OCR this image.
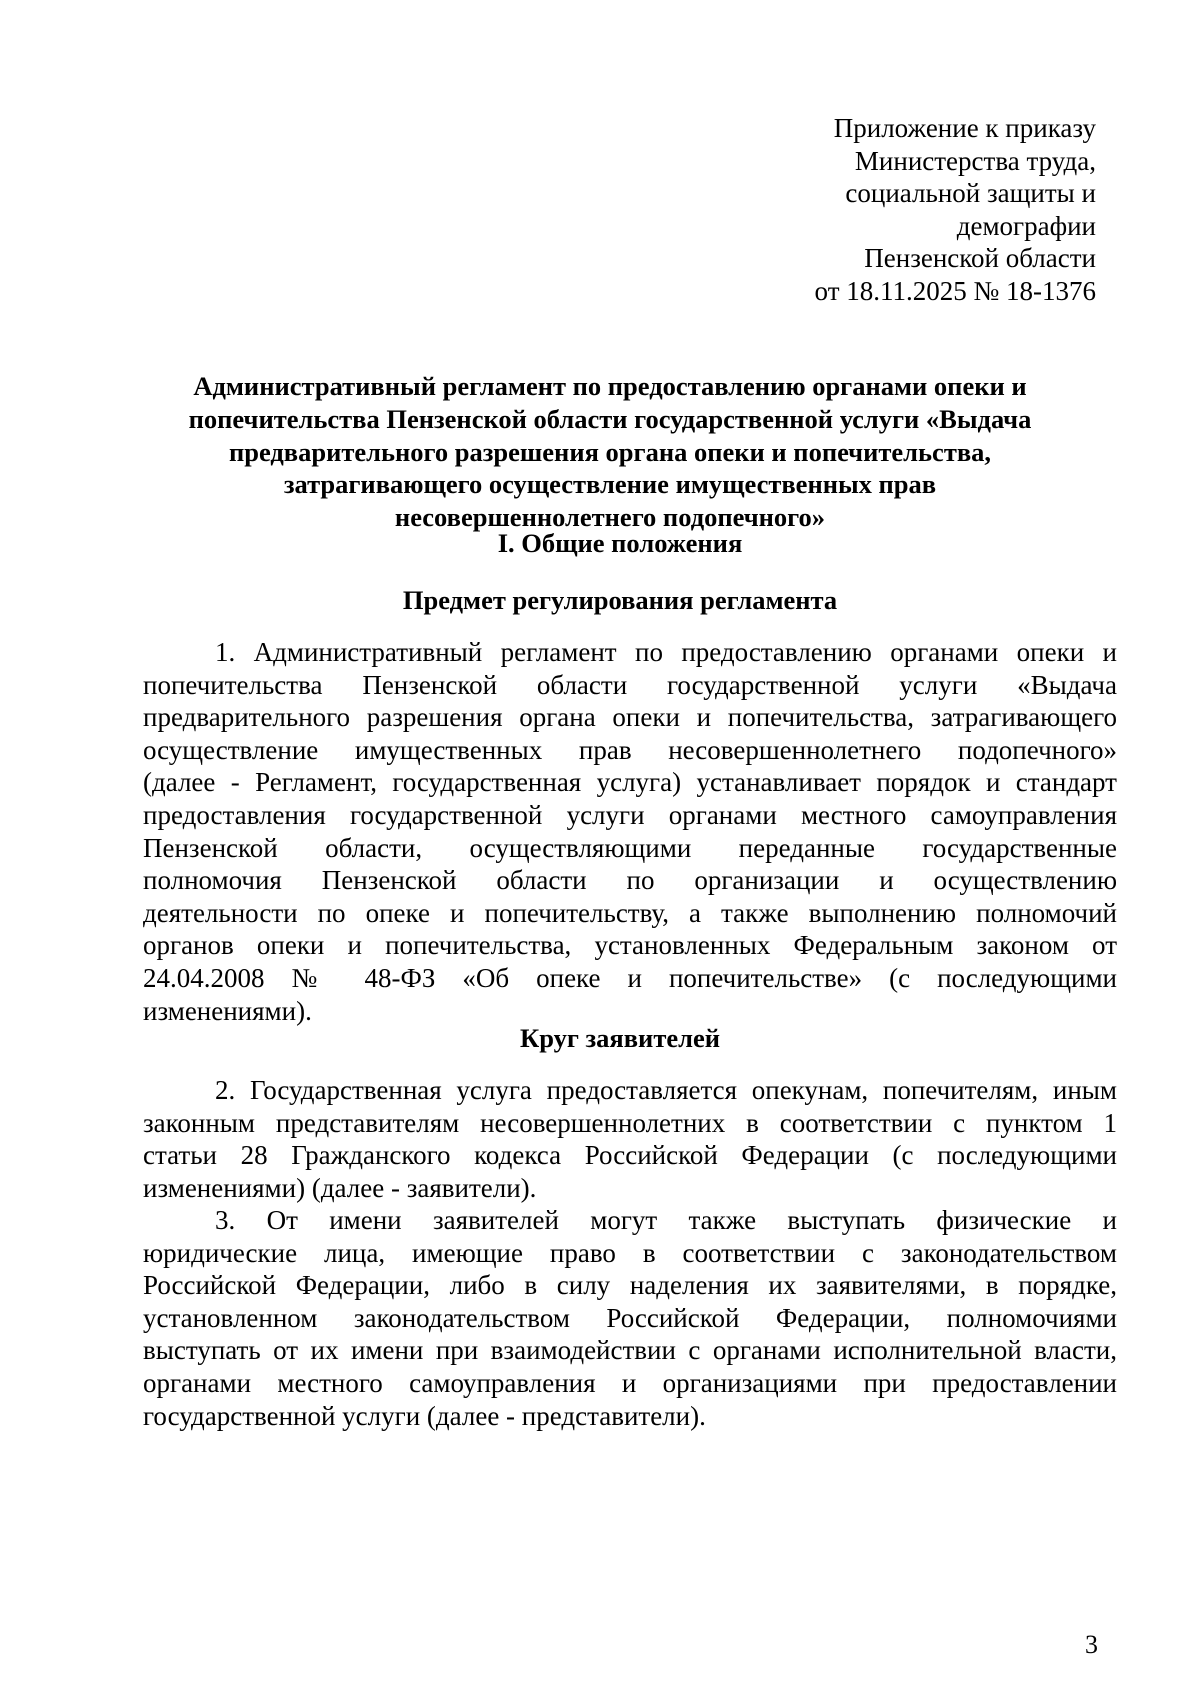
Приложение к приказу
Министерства труда,
социальной защиты и
демографии
Пензенской области
от 18.11.2025 № 18-1376
Административный регламент по предоставлению органами опеки и
попечительства Пензенской области государственной услуги «Выдача
предварительного разрешения органа опеки и попечительства,
затрагивающего осуществление имущественных прав
несовершеннолетнего подопечного»
I. Общие положения
Предмет регулирования регламента
1. Административный регламент по предоставлению органами опеки и
попечительства Пензенской области государственной услуги «Выдача
предварительного разрешения органа опеки и попечительства, затрагивающего
осуществление имущественных прав несовершеннолетнего подопечного»
(далее - Регламент, государственная услуга) устанавливает порядок и стандарт
предоставления государственной услуги органами местного самоуправления
Пензенской области, осуществляющими переданные государственные
полномочия Пензенской области по организации и осуществлению
деятельности по опеке и попечительству, а также выполнению полномочий
органов опеки и попечительства, установленных Федеральным законом от
24.04.2008 № 48-ФЗ «Об опеке и попечительстве» (с последующими
изменениями).
Круг заявителей
2. Государственная услуга предоставляется опекунам, попечителям, иным
законным представителям несовершеннолетних в соответствии с пунктом 1
статьи 28 Гражданского кодекса Российской Федерации (с последующими
изменениями) (далее - заявители).
3. От имени заявителей могут также выступать физические и
юридические лица, имеющие право в соответствии с законодательством
Российской Федерации, либо в силу наделения их заявителями, в порядке,
установленном законодательством Российской Федерации, полномочиями
выступать от их имени при взаимодействии с органами исполнительной власти,
органами местного самоуправления и организациями при предоставлении
государственной услуги (далее - представители).
3
